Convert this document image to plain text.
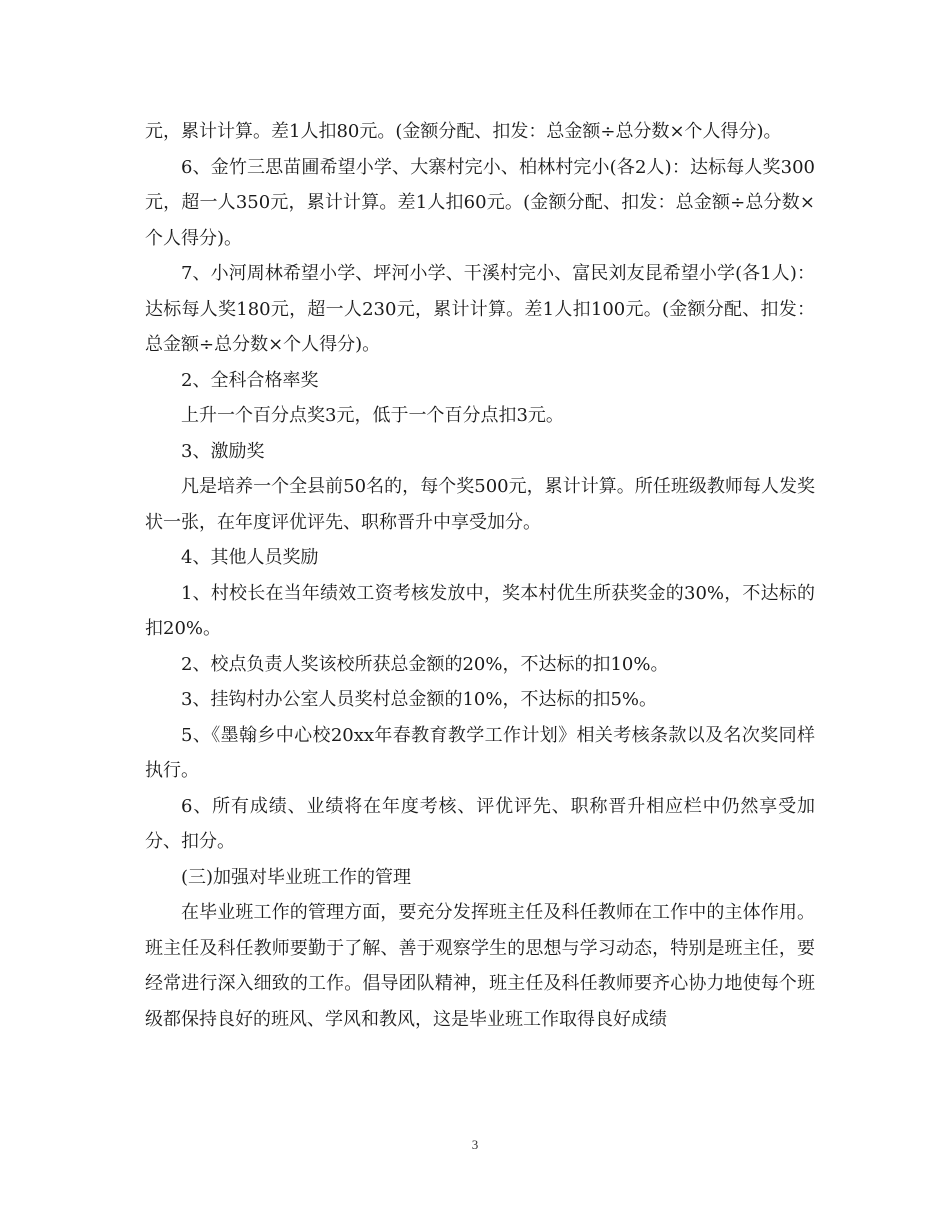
元，累计计算。差1人扣80元。(金额分配、扣发：总金额÷总分数×个人得分)。

6、金竹三思苗圃希望小学、大寨村完小、柏林村完小(各2人)：达标每人奖300元，超一人350元，累计计算。差1人扣60元。(金额分配、扣发：总金额÷总分数×个人得分)。

7、小河周林希望小学、坪河小学、干溪村完小、富民刘友昆希望小学(各1人)：达标每人奖180元，超一人230元，累计计算。差1人扣100元。(金额分配、扣发：总金额÷总分数×个人得分)。

2、全科合格率奖

上升一个百分点奖3元，低于一个百分点扣3元。

3、激励奖

凡是培养一个全县前50名的，每个奖500元，累计计算。所任班级教师每人发奖状一张，在年度评优评先、职称晋升中享受加分。

4、其他人员奖励

1、村校长在当年绩效工资考核发放中，奖本村优生所获奖金的30%，不达标的扣20%。

2、校点负责人奖该校所获总金额的20%，不达标的扣10%。

3、挂钩村办公室人员奖村总金额的10%，不达标的扣5%。

5、《墨翰乡中心校20xx年春教育教学工作计划》相关考核条款以及名次奖同样执行。

6、所有成绩、业绩将在年度考核、评优评先、职称晋升相应栏中仍然享受加分、扣分。

(三)加强对毕业班工作的管理

在毕业班工作的管理方面，要充分发挥班主任及科任教师在工作中的主体作用。班主任及科任教师要勤于了解、善于观察学生的思想与学习动态，特别是班主任，要经常进行深入细致的工作。倡导团队精神，班主任及科任教师要齐心协力地使每个班级都保持良好的班风、学风和教风，这是毕业班工作取得良好成绩

3
